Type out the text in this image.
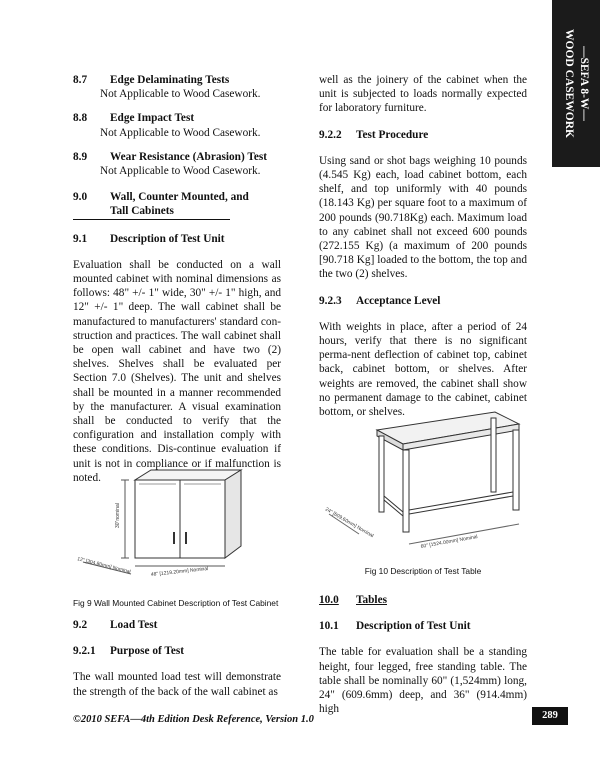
—SEFA 8-W—
WOOD CASEWORK

8.7 Edge Delaminating Tests

Not Applicable to Wood Casework.

8.8 Edge Impact Test

Not Applicable to Wood Casework.

8.9 Wear Resistance (Abrasion) Test

Not Applicable to Wood Casework.

9.0 Wall, Counter Mounted, and

Tall Cabinets

9.1 Description of Test Unit

Evaluation shall be conducted on a wall mounted cabinet with nominal dimensions as follows: 48" +/- 1" wide, 30" +/- 1" high, and 12" +/- 1" deep. The wall cabinet shall be manufactured to manufacturers' standard con-struction and practices. The wall cabinet shall be open wall cabinet and have two (2) shelves. Shelves shall be evaluated per Section 7.0 (Shelves). The unit and shelves shall be mounted in a manner recommended by the manufacturer. A visual examination shall be conducted to verify that the configuration and installation comply with these conditions. Dis-continue evaluation if unit is not in compliance or if malfunction is noted.

30"nominal
12" [304.80mm] Nominal	48" [1219.20mm] Nominal
Fig 9 Wall Mounted Cabinet Description of Test Cabinet

9.2 Load Test

9.2.1 Purpose of Test

The wall mounted load test will demonstrate the strength of the back of the wall cabinet as

well as the joinery of the cabinet when the unit is subjected to loads normally expected for laboratory furniture.

9.2.2 Test Procedure

Using sand or shot bags weighing 10 pounds (4.545 Kg) each, load cabinet bottom, each shelf, and top uniformly with 40 pounds (18.143 Kg) per square foot to a maximum of 200 pounds (90.718Kg) each. Maximum load to any cabinet shall not exceed 600 pounds (272.155 Kg) (a maximum of 200 pounds [90.718 Kg] loaded to the bottom, the top and the two (2) shelves.

9.2.3 Acceptance Level

With weights in place, after a period of 24 hours, verify that there is no significant perma-nent deflection of cabinet top, cabinet back, cabinet bottom, or shelves. After weights are removed, the cabinet shall show no permanent damage to the cabinet, cabinet bottom, or shelves.

24" [609.60mm] Nominal
60" [1524.00mm] Nominal
Fig 10 Description of Test Table

10.0 Tables

10.1 Description of Test Unit

The table for evaluation shall be a standing height, four legged, free standing table. The table shall be nominally 60" (1,524mm) long, 24" (609.6mm) deep, and 36" (914.4mm) high

©2010 SEFA—4th Edition Desk Reference, Version 1.0	289
